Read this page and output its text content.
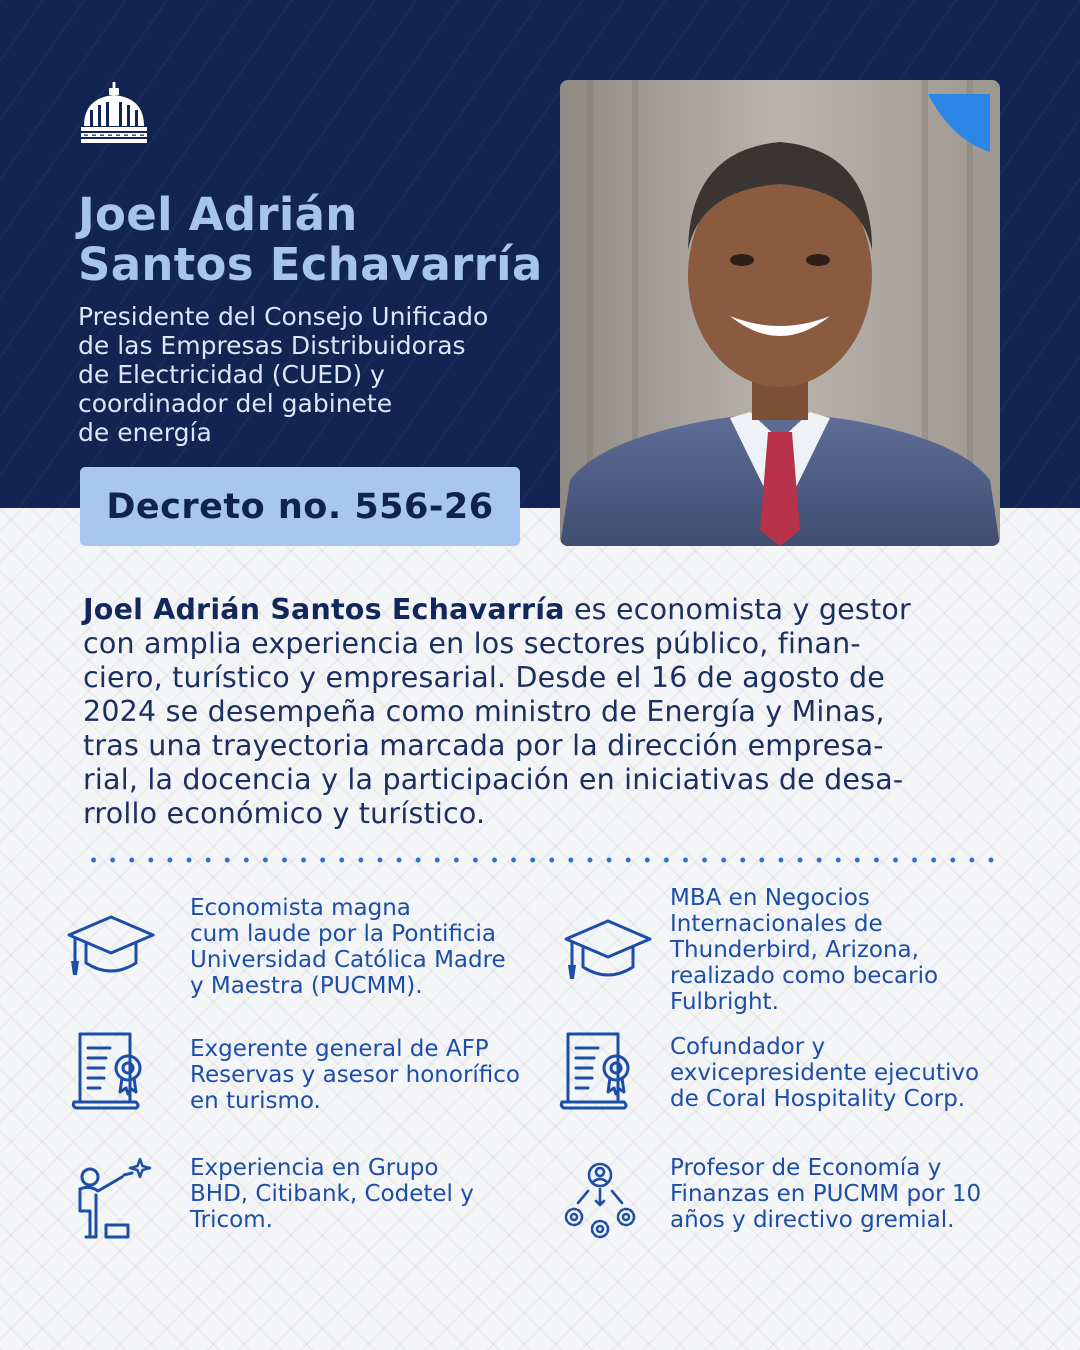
Joel Adrián
Santos Echavarría

Presidente del Consejo Unificado
de las Empresas Distribuidoras
de Electricidad (CUED) y
coordinador del gabinete
de energía

Decreto no. 556-26

Joel Adrián Santos Echavarría es economista y gestor
con amplia experiencia en los sectores público, finan-
ciero, turístico y empresarial. Desde el 16 de agosto de
2024 se desempeña como ministro de Energía y Minas,
tras una trayectoria marcada por la dirección empresa-
rial, la docencia y la participación en iniciativas de desa-
rrollo económico y turístico.

Economista magna
cum laude por la Pontificia
Universidad Católica Madre
y Maestra (PUCMM).

MBA en Negocios
Internacionales de
Thunderbird, Arizona,
realizado como becario
Fulbright.

Exgerente general de AFP
Reservas y asesor honorífico
en turismo.

Cofundador y
exvicepresidente ejecutivo
de Coral Hospitality Corp.

Experiencia en Grupo
BHD, Citibank, Codetel y
Tricom.

Profesor de Economía y
Finanzas en PUCMM por 10
años y directivo gremial.
